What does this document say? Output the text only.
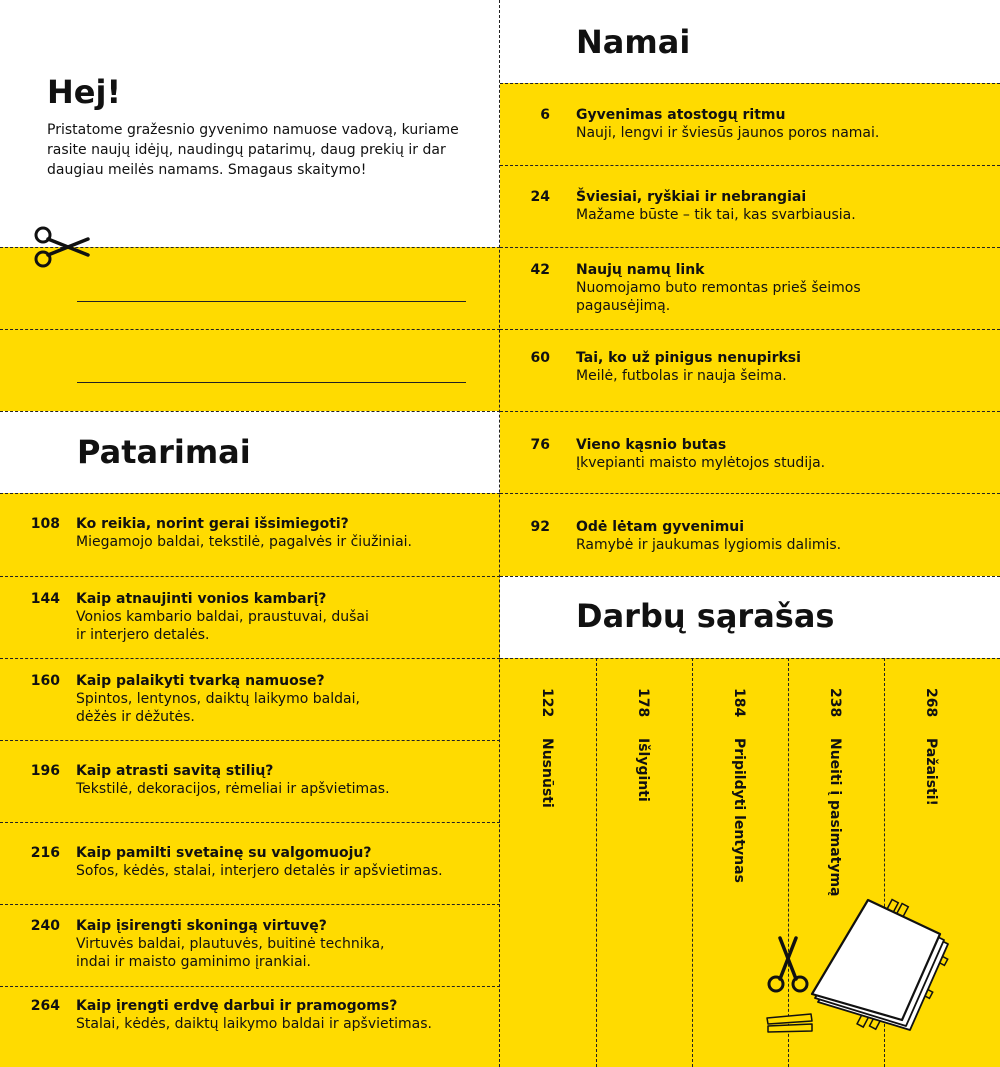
Hej!
Pristatome gražesnio gyvenimo namuose vadovą, kuriame rasite naujų idėjų, naudingų patarimų, daug prekių ir dar daugiau meilės namams. Smagaus skaitymo!
Patarimai
108 Ko reikia, norint gerai išsimiegoti?
Miegamojo baldai, tekstilė, pagalvės ir čiužiniai.
144 Kaip atnaujinti vonios kambarį?
Vonios kambario baldai, praustuvai, dušai
ir interjero detalės.
160 Kaip palaikyti tvarką namuose?
Spintos, lentynos, daiktų laikymo baldai,
dėžės ir dėžutės.
196 Kaip atrasti savitą stilių?
Tekstilė, dekoracijos, rėmeliai ir apšvietimas.
216 Kaip pamilti svetainę su valgomuoju?
Sofos, kėdės, stalai, interjero detalės ir apšvietimas.
240 Kaip įsirengti skoningą virtuvę?
Virtuvės baldai, plautuvės, buitinė technika,
indai ir maisto gaminimo įrankiai.
264 Kaip įrengti erdvę darbui ir pramogoms?
Stalai, kėdės, daiktų laikymo baldai ir apšvietimas.
Namai
6 Gyvenimas atostogų ritmu
Nauji, lengvi ir šviesūs jaunos poros namai.
24 Šviesiai, ryškiai ir nebrangiai
Mažame būste – tik tai, kas svarbiausia.
42 Naujų namų link
Nuomojamo buto remontas prieš šeimos
pagausėjimą.
60 Tai, ko už pinigus nenupirksi
Meilė, futbolas ir nauja šeima.
76 Vieno kąsnio butas
Įkvepianti maisto mylėtojos studija.
92 Odė lėtam gyvenimui
Ramybė ir jaukumas lygiomis dalimis.
Darbų sąrašas
122Nusnūsti
178Išlyginti
184Pripildyti lentynas
238Nueiti į pasimatymą
268Pažaisti!
